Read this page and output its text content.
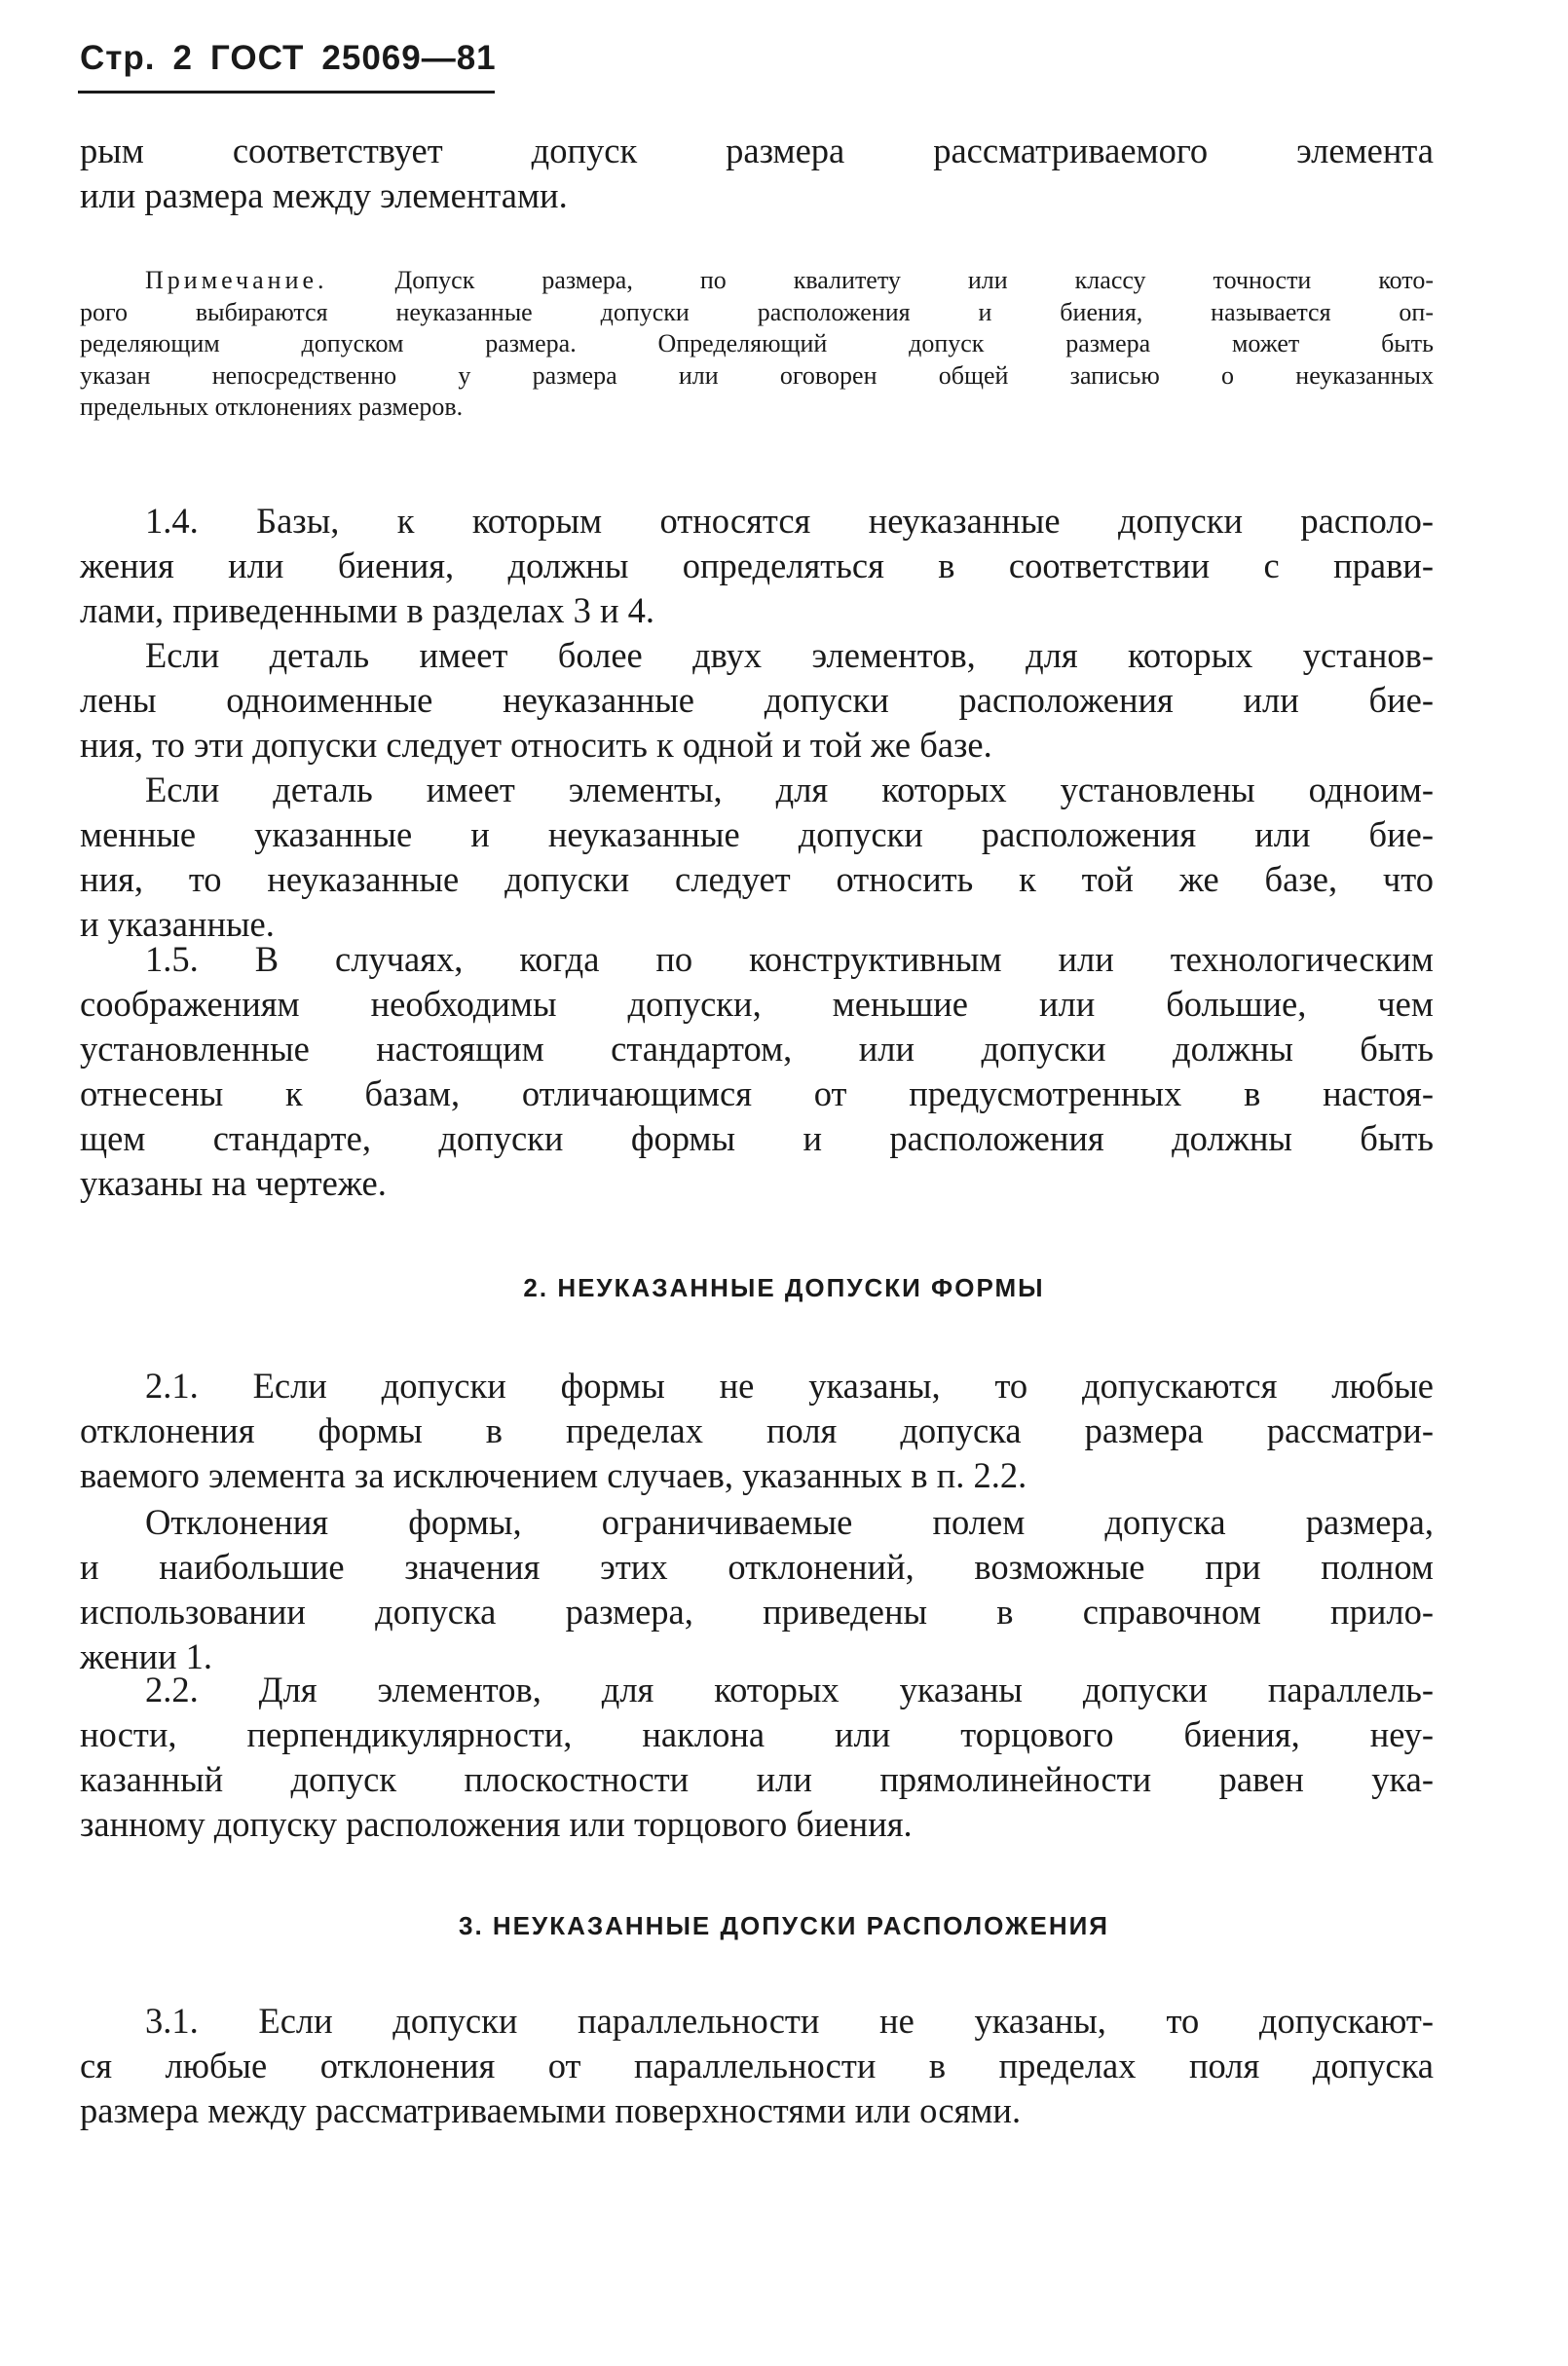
Стр. 2 ГОСТ 25069—81
рым соответствует допуск размера рассматриваемого элемента
или размера между элементами.
Примечание. Допуск размера, по квалитету или классу точности кото-
рого выбираются неуказанные допуски расположения и биения, называется оп-
ределяющим допуском размера. Определяющий допуск размера может быть
указан непосредственно у размера или оговорен общей записью о неуказанных
предельных отклонениях размеров.
1.4. Базы, к которым относятся неуказанные допуски располо-
жения или биения, должны определяться в соответствии с прави-
лами, приведенными в разделах 3 и 4.
Если деталь имеет более двух элементов, для которых установ-
лены одноименные неуказанные допуски расположения или бие-
ния, то эти допуски следует относить к одной и той же базе.
Если деталь имеет элементы, для которых установлены одноим-
менные указанные и неуказанные допуски расположения или бие-
ния, то неуказанные допуски следует относить к той же базе, что
и указанные.
1.5. В случаях, когда по конструктивным или технологическим
соображениям необходимы допуски, меньшие или большие, чем
установленные настоящим стандартом, или допуски должны быть
отнесены к базам, отличающимся от предусмотренных в настоя-
щем стандарте, допуски формы и расположения должны быть
указаны на чертеже.
2. НЕУКАЗАННЫЕ ДОПУСКИ ФОРМЫ
2.1. Если допуски формы не указаны, то допускаются любые
отклонения формы в пределах поля допуска размера рассматри-
ваемого элемента за исключением случаев, указанных в п. 2.2.
Отклонения формы, ограничиваемые полем допуска размера,
и наибольшие значения этих отклонений, возможные при полном
использовании допуска размера, приведены в справочном прило-
жении 1.
2.2. Для элементов, для которых указаны допуски параллель-
ности, перпендикулярности, наклона или торцового биения, неу-
казанный допуск плоскостности или прямолинейности равен ука-
занному допуску расположения или торцового биения.
3. НЕУКАЗАННЫЕ ДОПУСКИ РАСПОЛОЖЕНИЯ
3.1. Если допуски параллельности не указаны, то допускают-
ся любые отклонения от параллельности в пределах поля допуска
размера между рассматриваемыми поверхностями или осями.
